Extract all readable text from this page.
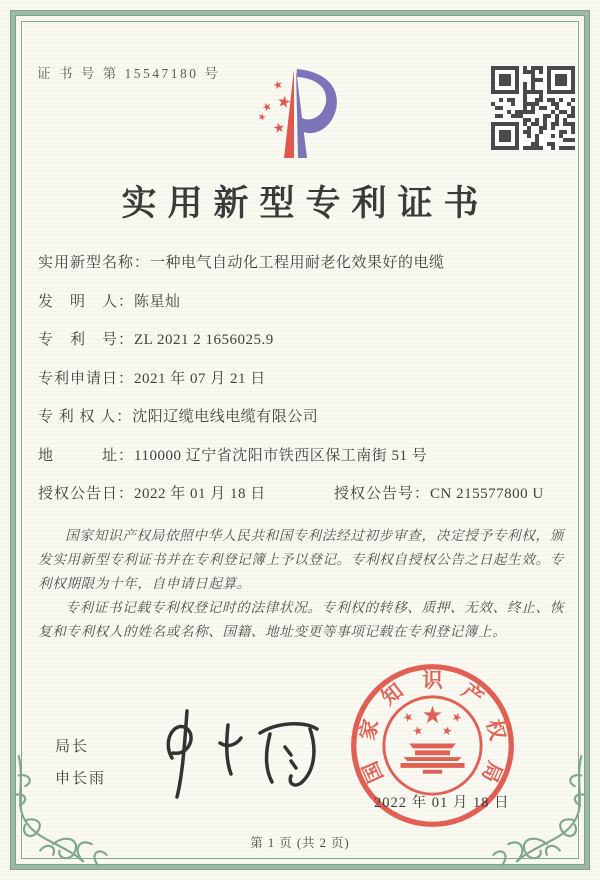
证 书 号 第 15547180 号
实用新型专利证书
实用新型名称：一种电气自动化工程用耐老化效果好的电缆
发　明　人：陈星灿
专　利　号：ZL 2021 2 1656025.9
专利申请日：2021 年 07 月 21 日
专 利 权 人：沈阳辽缆电线电缆有限公司
地　　　址：110000 辽宁省沈阳市铁西区保工南街 51 号
授权公告日：2022 年 01 月 18 日	授权公告号：CN 215577800 U

国家知识产权局依照中华人民共和国专利法经过初步审查，决定授予专利权，颁发实用新型专利证书并在专利登记簿上予以登记。专利权自授权公告之日起生效。专利权期限为十年，自申请日起算。

专利证书记载专利权登记时的法律状况。专利权的转移、质押、无效、终止、恢复和专利权人的姓名或名称、国籍、地址变更等事项记载在专利登记簿上。

局长
申长雨	国
家
知 识 产
权
局
2022 年 01 月 18 日
第 1 页 (共 2 页)
